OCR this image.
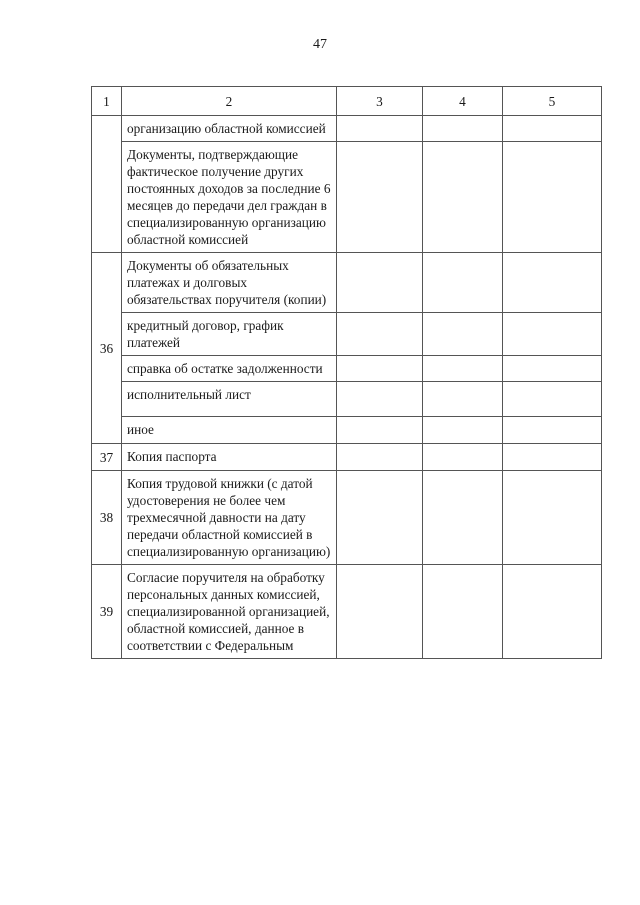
47
1	2	3	4	5
	организацию областной комиссией			
	Документы, подтверждающие фактическое получение других постоянных доходов за последние 6 месяцев до передачи дел граждан в специализированную организацию областной комиссией			
36	Документы об обязательных платежах и долговых обязательствах поручителя (копии)			
	кредитный договор, график платежей			
	справка об остатке задолженности			
	исполнительный лист			
	иное			
37	Копия паспорта			
38	Копия трудовой книжки (с датой удостоверения не более чем трехмесячной давности на дату передачи областной комиссией в специализированную организацию)			
39	Согласие поручителя на обработку персональных данных комиссией, специализированной организацией, областной комиссией, данное в соответствии с Федеральным			
